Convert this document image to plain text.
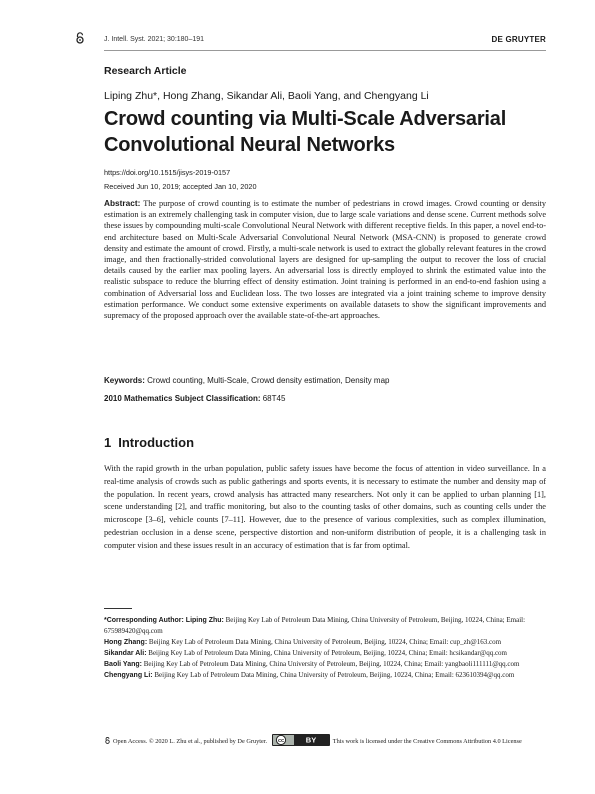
J. Intell. Syst. 2021; 30:180–191	DE GRUYTER
Research Article
Liping Zhu*, Hong Zhang, Sikandar Ali, Baoli Yang, and Chengyang Li
Crowd counting via Multi-Scale Adversarial Convolutional Neural Networks
https://doi.org/10.1515/jisys-2019-0157
Received Jun 10, 2019; accepted Jan 10, 2020
Abstract: The purpose of crowd counting is to estimate the number of pedestrians in crowd images. Crowd counting or density estimation is an extremely challenging task in computer vision, due to large scale variations and dense scene. Current methods solve these issues by compounding multi-scale Convolutional Neural Network with different receptive fields. In this paper, a novel end-to-end architecture based on Multi-Scale Adversarial Convolutional Neural Network (MSA-CNN) is proposed to generate crowd density and estimate the amount of crowd. Firstly, a multi-scale network is used to extract the globally relevant features in the crowd image, and then fractionally-strided convolutional layers are designed for up-sampling the output to recover the loss of crucial details caused by the earlier max pooling layers. An adversarial loss is directly employed to shrink the estimated value into the realistic subspace to reduce the blurring effect of density estimation. Joint training is performed in an end-to-end fashion using a combination of Adversarial loss and Euclidean loss. The two losses are integrated via a joint training scheme to improve density estimation performance. We conduct some extensive experiments on available datasets to show the significant improvements and supremacy of the proposed approach over the available state-of-the-art approaches.
Keywords: Crowd counting, Multi-Scale, Crowd density estimation, Density map
2010 Mathematics Subject Classification: 68T45
1 Introduction
With the rapid growth in the urban population, public safety issues have become the focus of attention in video surveillance. In a real-time analysis of crowds such as public gatherings and sports events, it is necessary to estimate the number and density map of the population. In recent years, crowd analysis has attracted many researchers. Not only it can be applied to urban planning [1], scene understanding [2], and traffic monitoring, but also to the counting tasks of other domains, such as counting cells under the microscope [3–6], vehicle counts [7–11]. However, due to the presence of various complexities, such as complex illumination, pedestrian occlusion in a dense scene, perspective distortion and non-uniform distribution of people, it is a challenging task in computer vision and these issues result in an accuracy of estimation that is far from optimal.
*Corresponding Author: Liping Zhu: Beijing Key Lab of Petroleum Data Mining, China University of Petroleum, Beijing, 10224, China; Email: 675989420@qq.com
Hong Zhang: Beijing Key Lab of Petroleum Data Mining, China University of Petroleum, Beijing, 10224, China; Email: cup_zh@163.com
Sikandar Ali: Beijing Key Lab of Petroleum Data Mining, China University of Petroleum, Beijing, 10224, China; Email: hcsikandar@qq.com
Baoli Yang: Beijing Key Lab of Petroleum Data Mining, China University of Petroleum, Beijing, 10224, China; Email: yangbaoli111111@qq.com
Chengyang Li: Beijing Key Lab of Petroleum Data Mining, China University of Petroleum, Beijing, 10224, China; Email: 623610394@qq.com
Open Access. © 2020 L. Zhu et al., published by De Gruyter. cc	BY	This work is licensed under the Creative Commons Attribution 4.0 License
